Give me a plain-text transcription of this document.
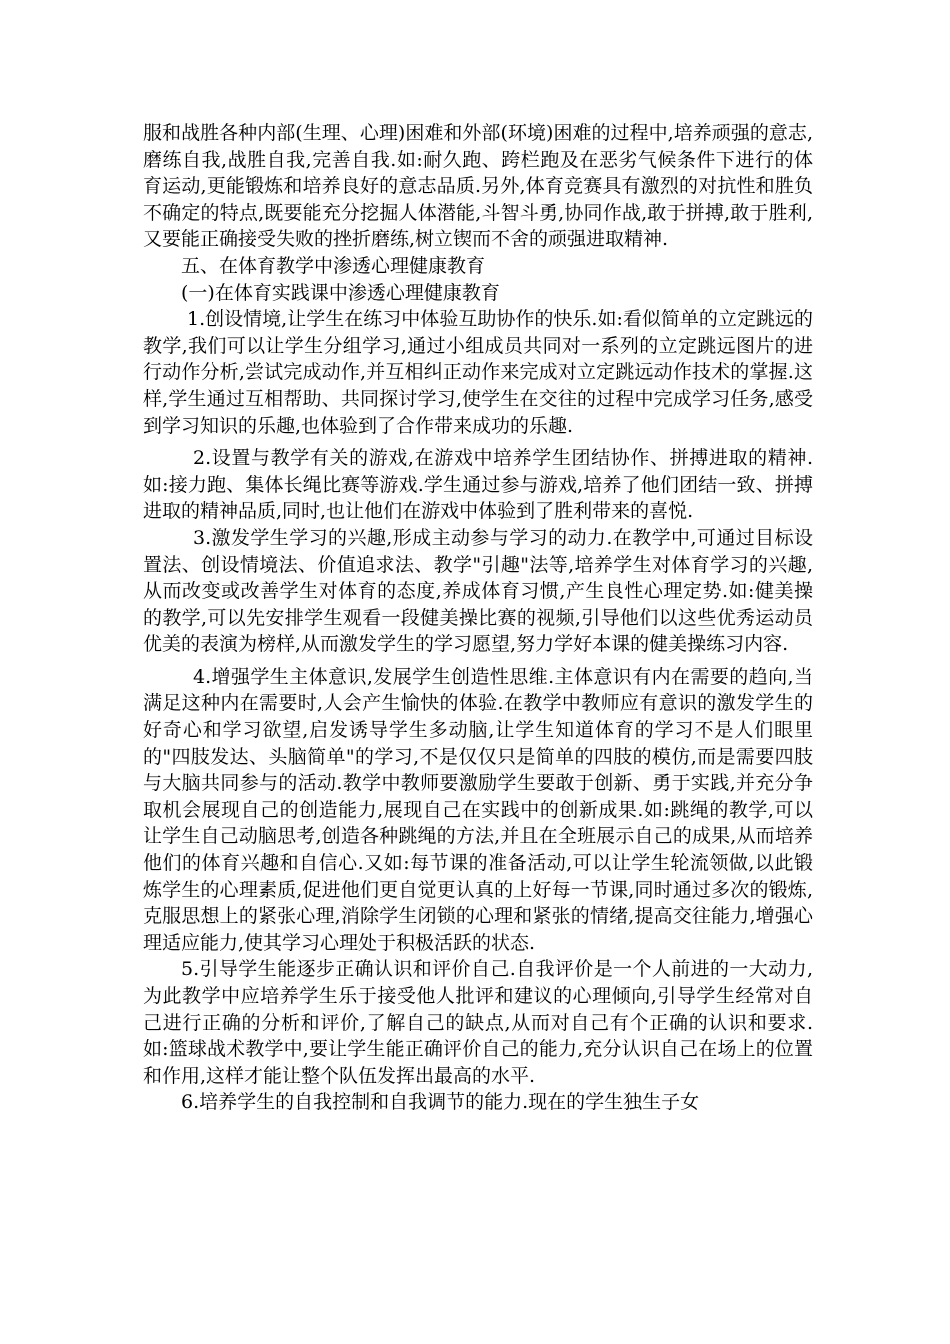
服和战胜各种内部(生理、心理)困难和外部(环境)困难的过程中,培养顽强的意志,磨练自我,战胜自我,完善自我.如:耐久跑、跨栏跑及在恶劣气候条件下进行的体育运动,更能锻炼和培养良好的意志品质.另外,体育竞赛具有激烈的对抗性和胜负不确定的特点,既要能充分挖掘人体潜能,斗智斗勇,协同作战,敢于拼搏,敢于胜利,又要能正确接受失败的挫折磨练,树立锲而不舍的顽强进取精神.

五、在体育教学中渗透心理健康教育

(一)在体育实践课中渗透心理健康教育

1.创设情境,让学生在练习中体验互助协作的快乐.如:看似简单的立定跳远的教学,我们可以让学生分组学习,通过小组成员共同对一系列的立定跳远图片的进行动作分析,尝试完成动作,并互相纠正动作来完成对立定跳远动作技术的掌握.这样,学生通过互相帮助、共同探讨学习,使学生在交往的过程中完成学习任务,感受到学习知识的乐趣,也体验到了合作带来成功的乐趣.

2.设置与教学有关的游戏,在游戏中培养学生团结协作、拼搏进取的精神.如:接力跑、集体长绳比赛等游戏.学生通过参与游戏,培养了他们团结一致、拼搏进取的精神品质,同时,也让他们在游戏中体验到了胜利带来的喜悦.

3.激发学生学习的兴趣,形成主动参与学习的动力.在教学中,可通过目标设置法、创设情境法、价值追求法、教学"引趣"法等,培养学生对体育学习的兴趣,从而改变或改善学生对体育的态度,养成体育习惯,产生良性心理定势.如:健美操的教学,可以先安排学生观看一段健美操比赛的视频,引导他们以这些优秀运动员优美的表演为榜样,从而激发学生的学习愿望,努力学好本课的健美操练习内容.

4.增强学生主体意识,发展学生创造性思维.主体意识有内在需要的趋向,当满足这种内在需要时,人会产生愉快的体验.在教学中教师应有意识的激发学生的好奇心和学习欲望,启发诱导学生多动脑,让学生知道体育的学习不是人们眼里的"四肢发达、头脑简单"的学习,不是仅仅只是简单的四肢的模仿,而是需要四肢与大脑共同参与的活动.教学中教师要激励学生要敢于创新、勇于实践,并充分争取机会展现自己的创造能力,展现自己在实践中的创新成果.如:跳绳的教学,可以让学生自己动脑思考,创造各种跳绳的方法,并且在全班展示自己的成果,从而培养他们的体育兴趣和自信心.又如:每节课的准备活动,可以让学生轮流领做,以此锻炼学生的心理素质,促进他们更自觉更认真的上好每一节课,同时通过多次的锻炼,克服思想上的紧张心理,消除学生闭锁的心理和紧张的情绪,提高交往能力,增强心理适应能力,使其学习心理处于积极活跃的状态.

5.引导学生能逐步正确认识和评价自己.自我评价是一个人前进的一大动力,为此教学中应培养学生乐于接受他人批评和建议的心理倾向,引导学生经常对自己进行正确的分析和评价,了解自己的缺点,从而对自己有个正确的认识和要求.如:篮球战术教学中,要让学生能正确评价自己的能力,充分认识自己在场上的位置和作用,这样才能让整个队伍发挥出最高的水平.

6.培养学生的自我控制和自我调节的能力.现在的学生独生子女
